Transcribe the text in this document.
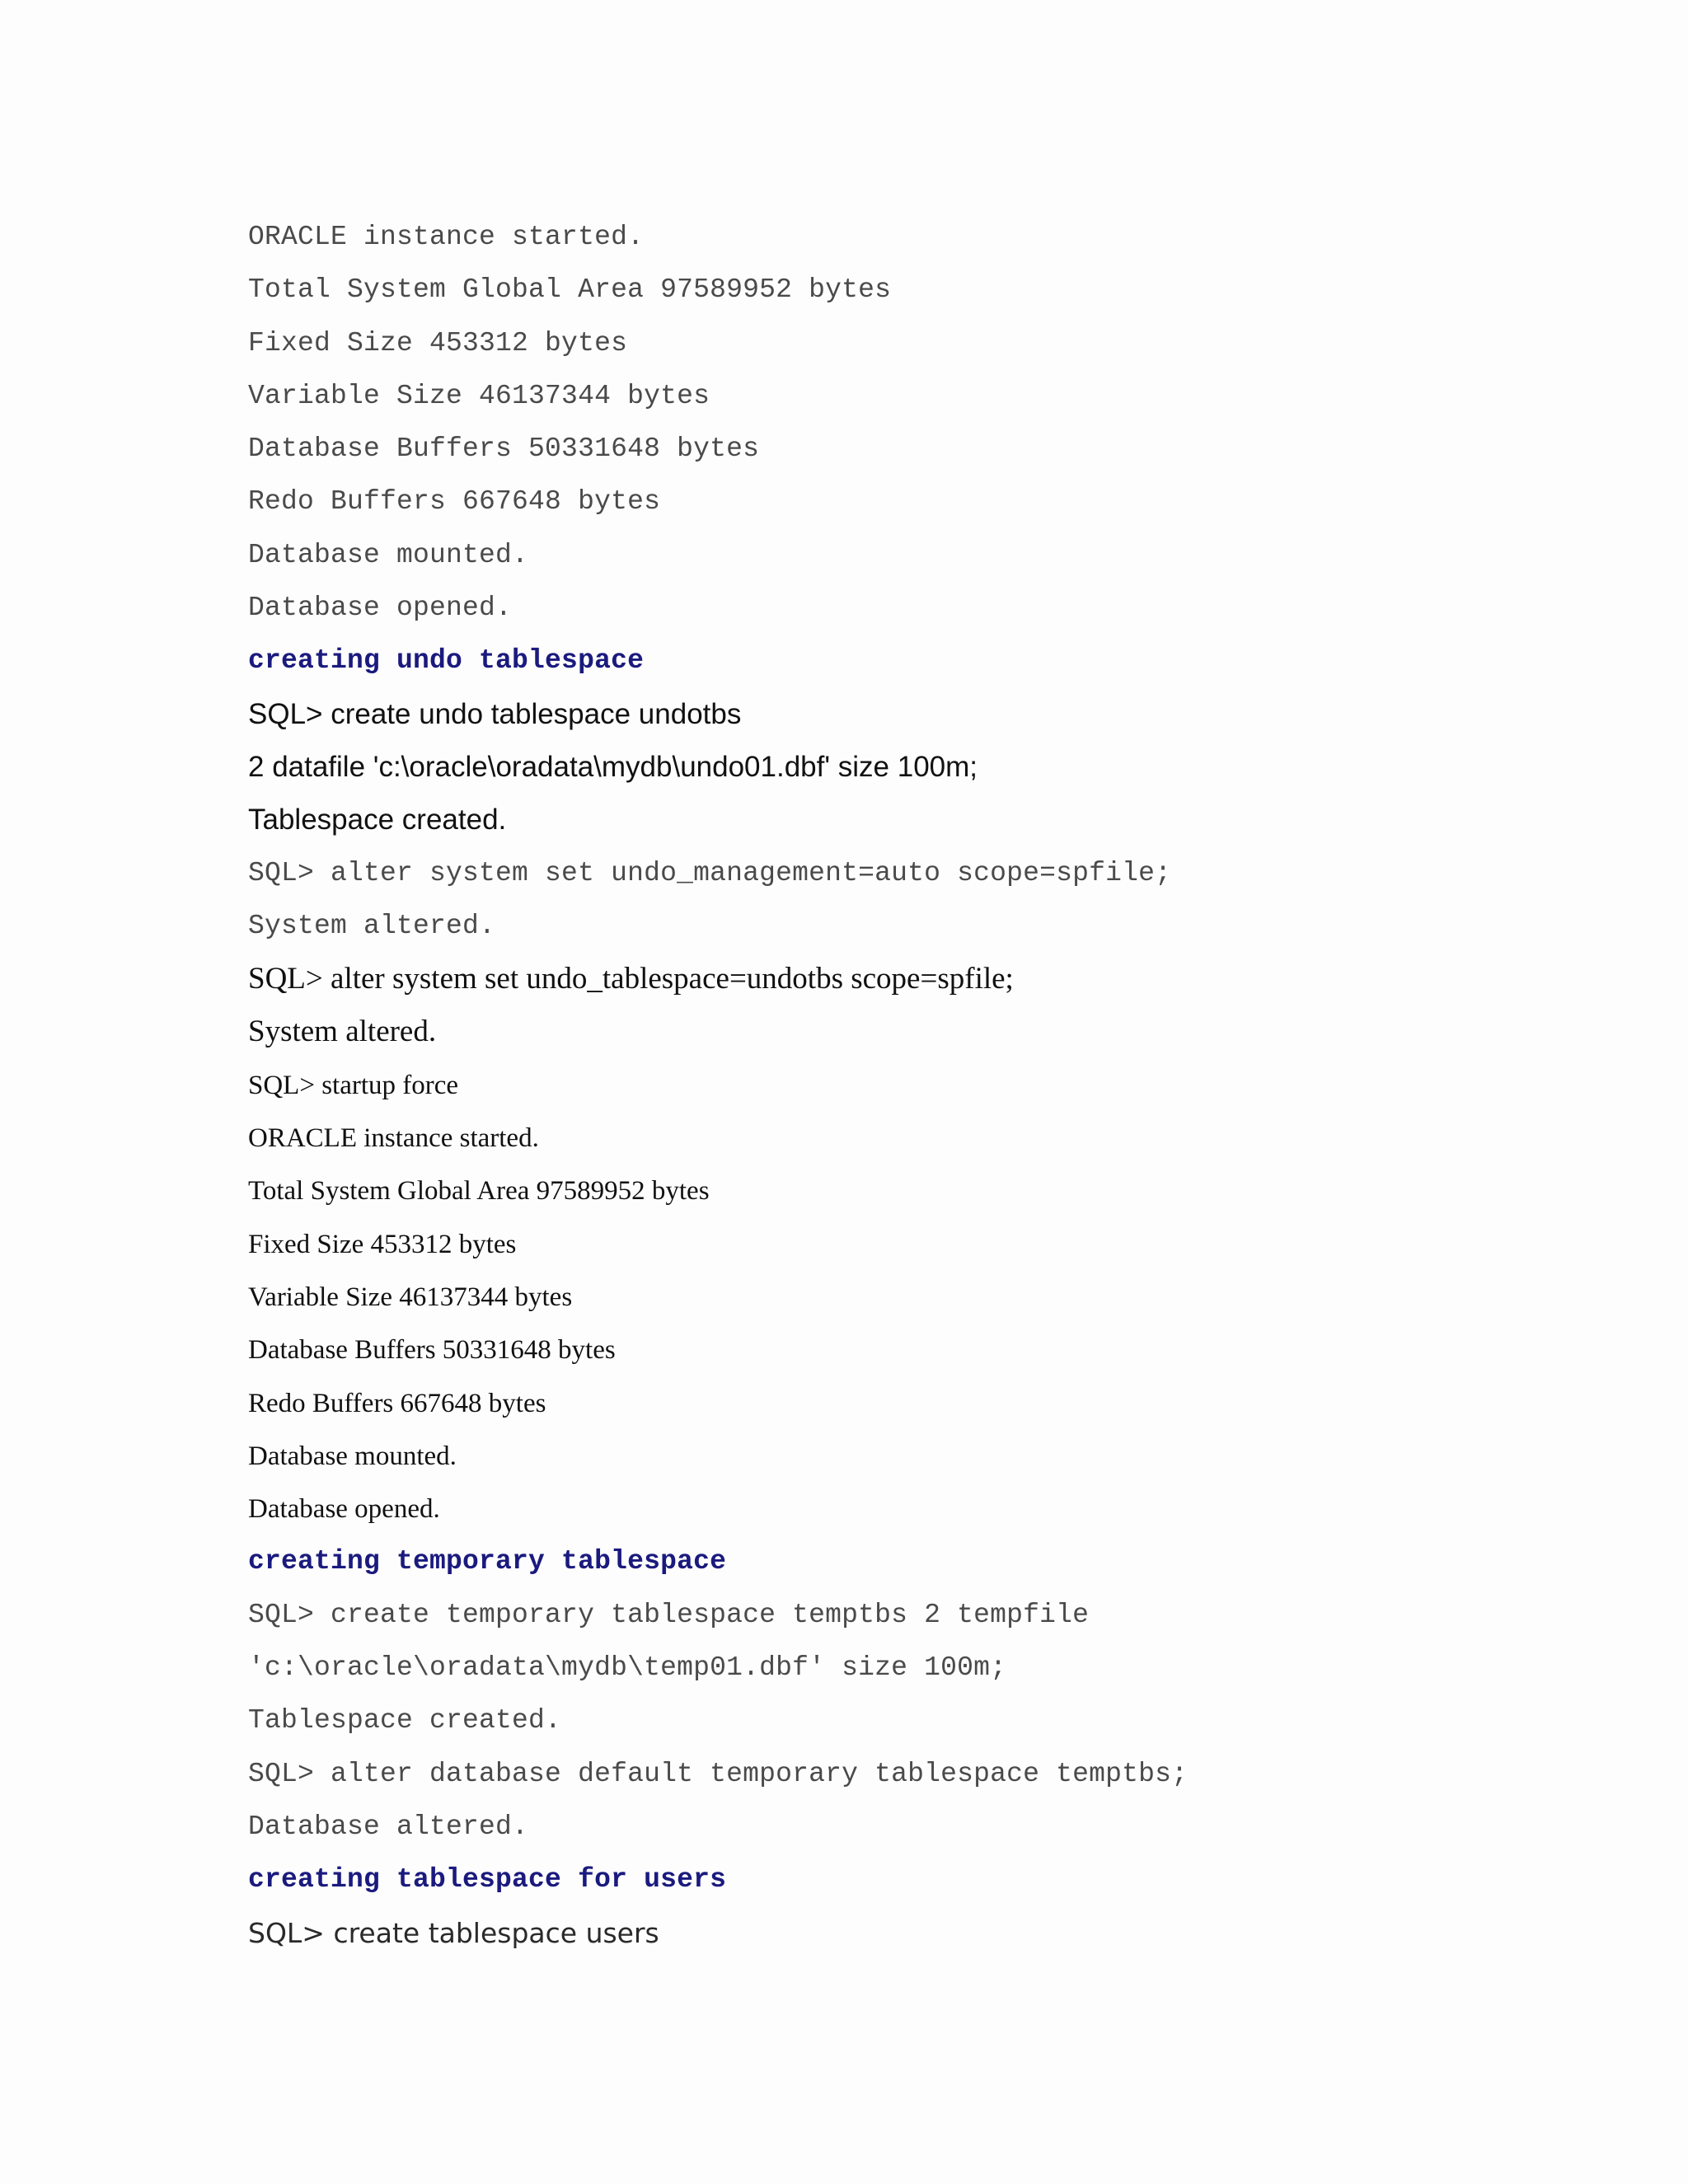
ORACLE instance started.
Total System Global Area 97589952 bytes
Fixed Size 453312 bytes
Variable Size 46137344 bytes
Database Buffers 50331648 bytes
Redo Buffers 667648 bytes
Database mounted.
Database opened.
creating undo tablespace
SQL> create undo tablespace undotbs
2 datafile 'c:\oracle\oradata\mydb\undo01.dbf' size 100m;
Tablespace created.
SQL> alter system set undo_management=auto scope=spfile;
System altered.
SQL> alter system set undo_tablespace=undotbs scope=spfile;
System altered.
SQL> startup force
ORACLE instance started.
Total System Global Area 97589952 bytes
Fixed Size 453312 bytes
Variable Size 46137344 bytes
Database Buffers 50331648 bytes
Redo Buffers 667648 bytes
Database mounted.
Database opened.
creating temporary tablespace
SQL> create temporary tablespace temptbs 2 tempfile
'c:\oracle\oradata\mydb\temp01.dbf' size 100m;
Tablespace created.
SQL> alter database default temporary tablespace temptbs;
Database altered.
creating tablespace for users
SQL> create tablespace users
